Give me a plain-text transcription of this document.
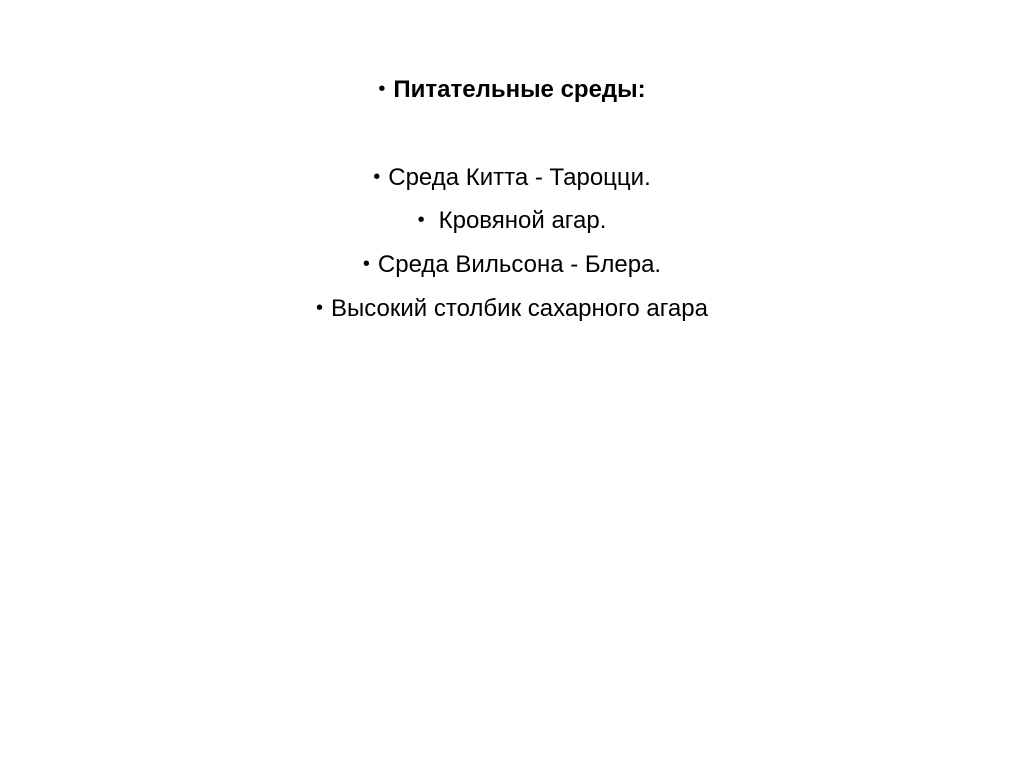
• Питательные среды:
• Среда Китта - Тароцци.
• Кровяной агар.
• Среда Вильсона - Блера.
• Высокий столбик сахарного агара
